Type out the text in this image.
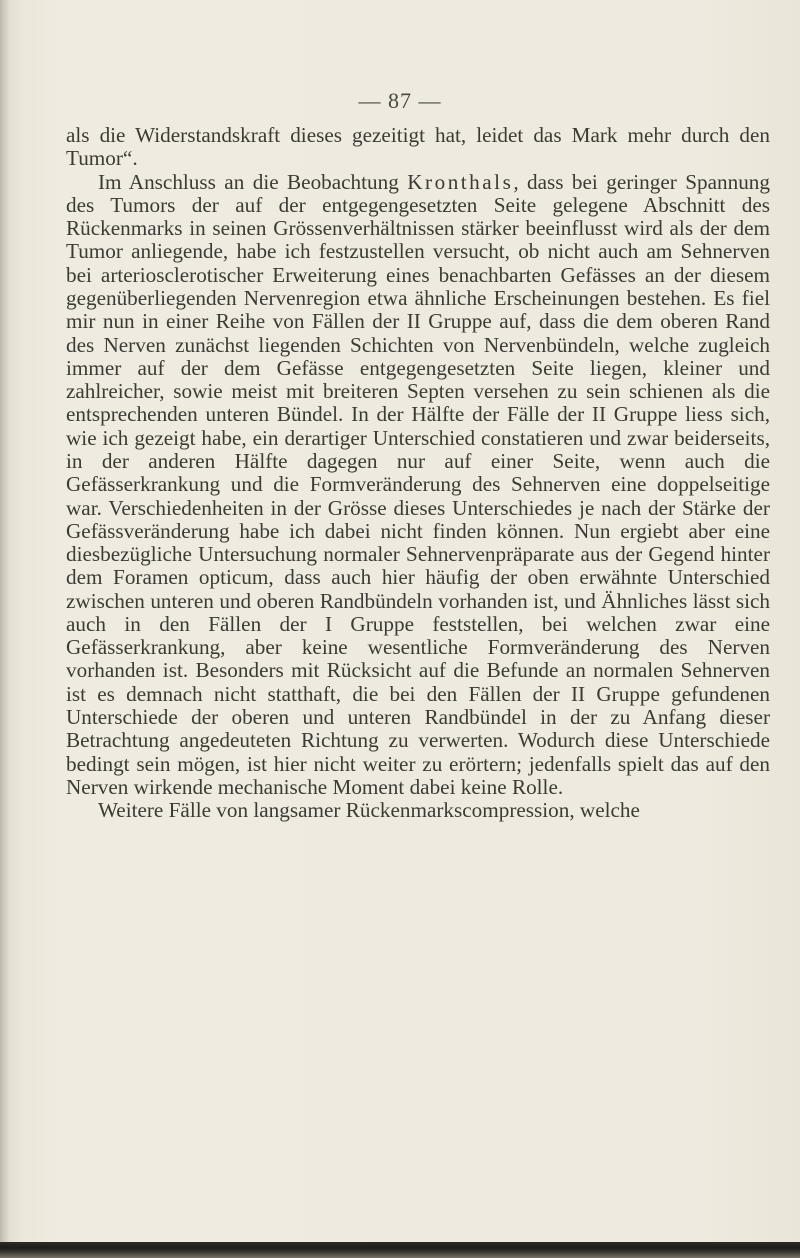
— 87 —

als die Widerstandskraft dieses gezeitigt hat, leidet das Mark mehr durch den Tumor“.

Im Anschluss an die Beobachtung Kronthals, dass bei geringer Spannung des Tumors der auf der entgegengesetzten Seite gelegene Abschnitt des Rückenmarks in seinen Grössenverhältnissen stärker beeinflusst wird als der dem Tumor anliegende, habe ich festzustellen versucht, ob nicht auch am Sehnerven bei arteriosclerotischer Erweiterung eines benachbarten Gefässes an der diesem gegenüberliegenden Nervenregion etwa ähnliche Erscheinungen bestehen. Es fiel mir nun in einer Reihe von Fällen der II Gruppe auf, dass die dem oberen Rand des Nerven zunächst liegenden Schichten von Nervenbündeln, welche zugleich immer auf der dem Gefässe entgegengesetzten Seite liegen, kleiner und zahlreicher, sowie meist mit breiteren Septen versehen zu sein schienen als die entsprechenden unteren Bündel. In der Hälfte der Fälle der II Gruppe liess sich, wie ich gezeigt habe, ein derartiger Unterschied constatieren und zwar beiderseits, in der anderen Hälfte dagegen nur auf einer Seite, wenn auch die Gefässerkrankung und die Formveränderung des Sehnerven eine doppelseitige war. Verschiedenheiten in der Grösse dieses Unterschiedes je nach der Stärke der Gefässveränderung habe ich dabei nicht finden können. Nun ergiebt aber eine diesbezügliche Untersuchung normaler Sehnervenpräparate aus der Gegend hinter dem Foramen opticum, dass auch hier häufig der oben erwähnte Unterschied zwischen unteren und oberen Randbündeln vorhanden ist, und Ähnliches lässt sich auch in den Fällen der I Gruppe feststellen, bei welchen zwar eine Gefässerkrankung, aber keine wesentliche Formveränderung des Nerven vorhanden ist. Besonders mit Rücksicht auf die Befunde an normalen Sehnerven ist es demnach nicht statthaft, die bei den Fällen der II Gruppe gefundenen Unterschiede der oberen und unteren Randbündel in der zu Anfang dieser Betrachtung angedeuteten Richtung zu verwerten. Wodurch diese Unterschiede bedingt sein mögen, ist hier nicht weiter zu erörtern; jedenfalls spielt das auf den Nerven wirkende mechanische Moment dabei keine Rolle.

Weitere Fälle von langsamer Rückenmarkscompression, welche
